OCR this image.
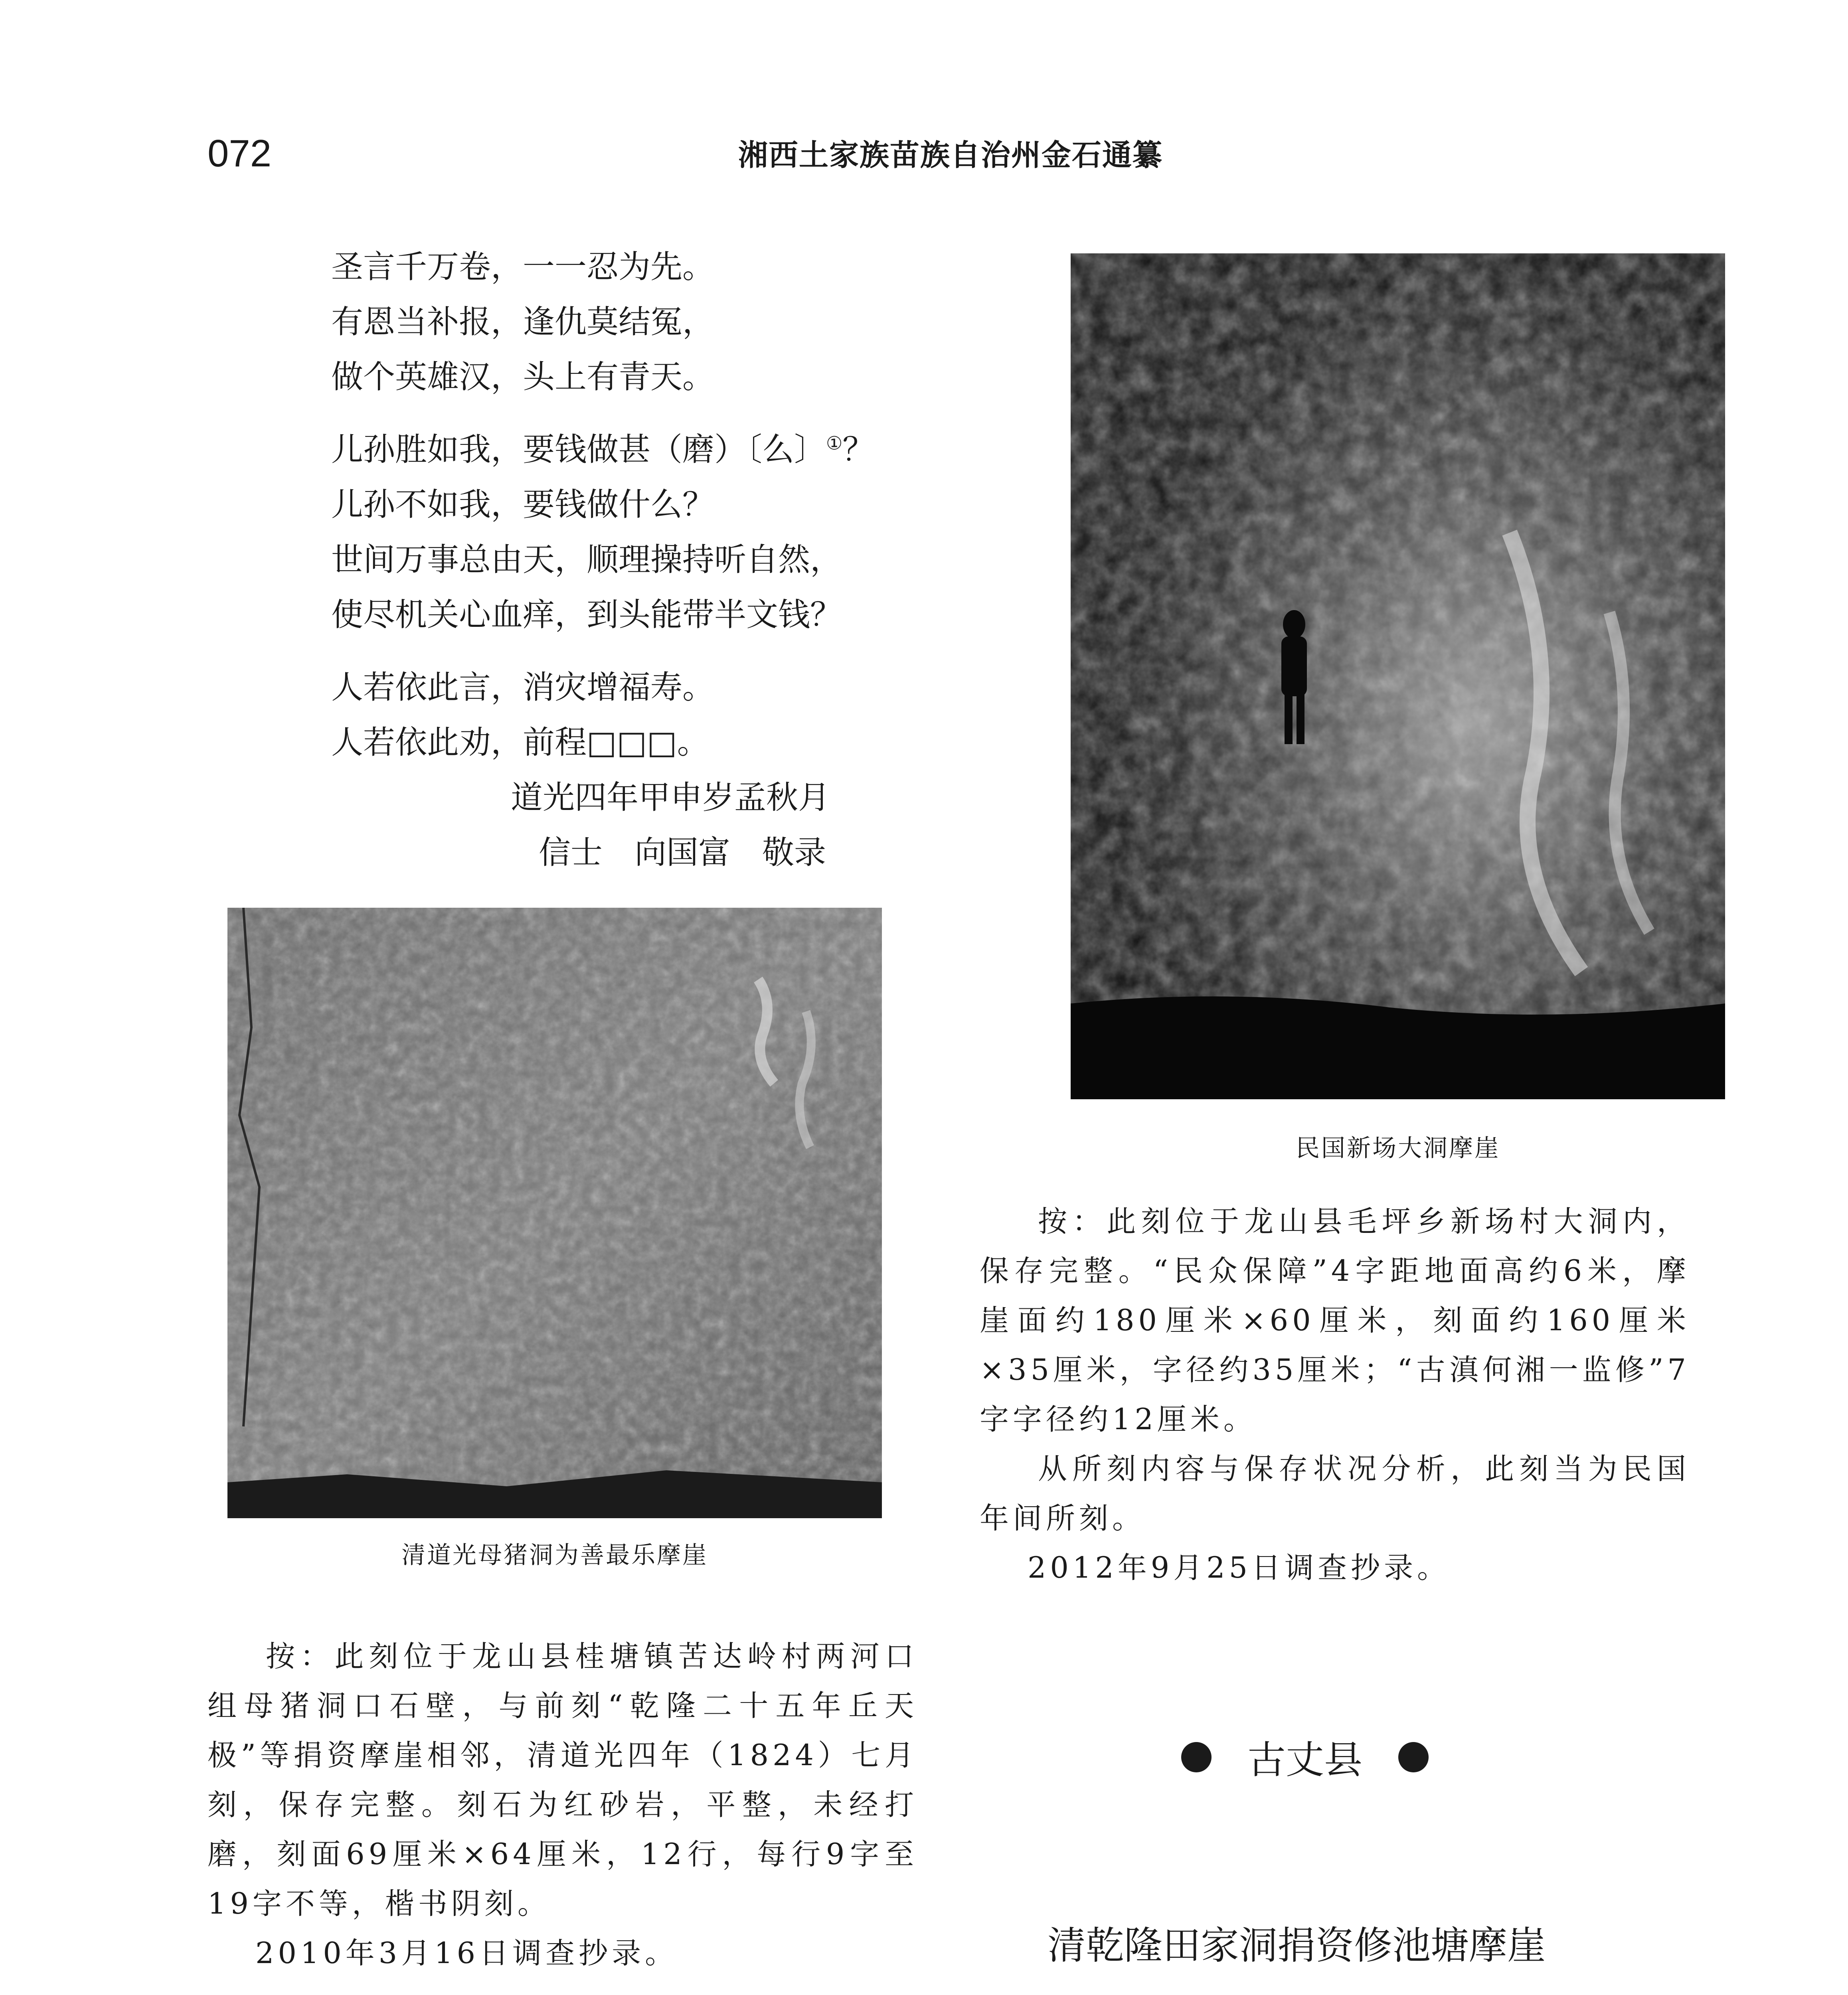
072	湘西土家族苗族自治州金石通纂
圣言千万卷，一一忍为先。
有恩当补报，逢仇莫结冤，
做个英雄汉，头上有青天。
儿孙胜如我，要钱做甚（磨）〔么〕①？
儿孙不如我，要钱做什么？
世间万事总由天，顺理操持听自然，
使尽机关心血痒，到头能带半文钱？
人若依此言，消灾增福寿。
人若依此劝，前程□□□。
道光四年甲申岁孟秋月
信士 向国富 敬录
清道光母猪洞为善最乐摩崖
民国新场大洞摩崖

按：此刻位于龙山县毛坪乡新场村大洞内，保存完整。“民众保障”4字距地面高约6米，摩崖面约180厘米×60厘米，刻面约160厘米×35厘米，字径约35厘米；“古滇何湘一监修”7字字径约12厘米。

从所刻内容与保存状况分析，此刻当为民国年间所刻。

2012年9月25日调查抄录。

按：此刻位于龙山县桂塘镇苦达岭村两河口组母猪洞口石壁，与前刻“乾隆二十五年丘天极”等捐资摩崖相邻，清道光四年（1824）七月刻，保存完整。刻石为红砂岩，平整，未经打磨，刻面69厘米×64厘米，12行，每行9字至19字不等，楷书阴刻。

2010年3月16日调查抄录。

古丈县
清乾隆田家洞捐资修池塘摩崖
